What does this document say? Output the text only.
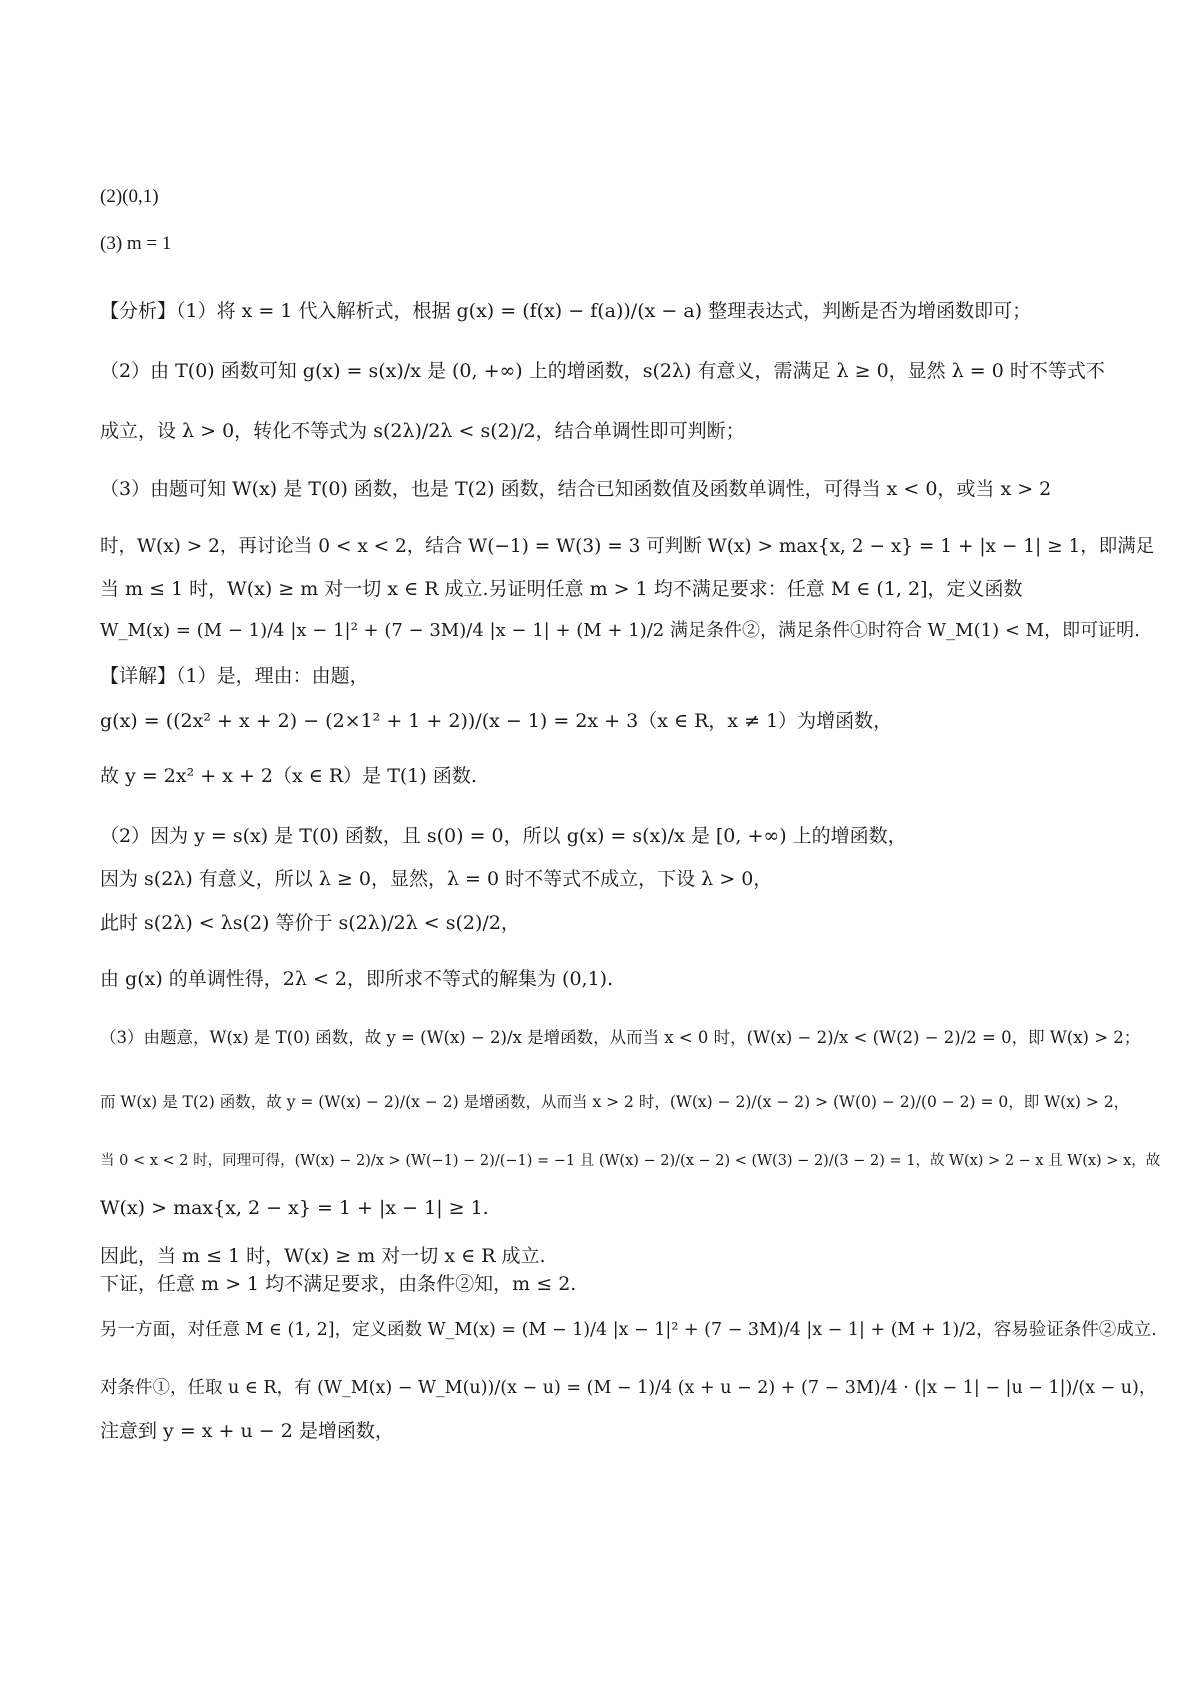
(2)(0,1)
(3) m = 1
【分析】（1）将 x = 1 代入解析式，根据 g(x) = (f(x) − f(a))/(x − a) 整理表达式，判断是否为增函数即可；
（2）由 T(0) 函数可知 g(x) = s(x)/x 是 (0, +∞) 上的增函数，s(2λ) 有意义，需满足 λ ≥ 0，显然 λ = 0 时不等式不
成立，设 λ > 0，转化不等式为 s(2λ)/2λ < s(2)/2，结合单调性即可判断；
（3）由题可知 W(x) 是 T(0) 函数，也是 T(2) 函数，结合已知函数值及函数单调性，可得当 x < 0，或当 x > 2
时，W(x) > 2，再讨论当 0 < x < 2，结合 W(−1) = W(3) = 3 可判断 W(x) > max{x, 2 − x} = 1 + |x − 1| ≥ 1，即满足
当 m ≤ 1 时，W(x) ≥ m 对一切 x ∈ R 成立.另证明任意 m > 1 均不满足要求：任意 M ∈ (1, 2]，定义函数
W_M(x) = (M − 1)/4 |x − 1|² + (7 − 3M)/4 |x − 1| + (M + 1)/2 满足条件②，满足条件①时符合 W_M(1) < M，即可证明.
【详解】（1）是，理由：由题，
g(x) = ((2x² + x + 2) − (2×1² + 1 + 2))/(x − 1) = 2x + 3（x ∈ R，x ≠ 1）为增函数，
故 y = 2x² + x + 2（x ∈ R）是 T(1) 函数.
（2）因为 y = s(x) 是 T(0) 函数，且 s(0) = 0，所以 g(x) = s(x)/x 是 [0, +∞) 上的增函数，
因为 s(2λ) 有意义，所以 λ ≥ 0，显然，λ = 0 时不等式不成立，下设 λ > 0，
此时 s(2λ) < λs(2) 等价于 s(2λ)/2λ < s(2)/2，
由 g(x) 的单调性得，2λ < 2，即所求不等式的解集为 (0,1).
（3）由题意，W(x) 是 T(0) 函数，故 y = (W(x) − 2)/x 是增函数，从而当 x < 0 时，(W(x) − 2)/x < (W(2) − 2)/2 = 0，即 W(x) > 2；
而 W(x) 是 T(2) 函数，故 y = (W(x) − 2)/(x − 2) 是增函数，从而当 x > 2 时，(W(x) − 2)/(x − 2) > (W(0) − 2)/(0 − 2) = 0，即 W(x) > 2，
当 0 < x < 2 时，同理可得，(W(x) − 2)/x > (W(−1) − 2)/(−1) = −1 且 (W(x) − 2)/(x − 2) < (W(3) − 2)/(3 − 2) = 1，故 W(x) > 2 − x 且 W(x) > x，故
W(x) > max{x, 2 − x} = 1 + |x − 1| ≥ 1.
因此，当 m ≤ 1 时，W(x) ≥ m 对一切 x ∈ R 成立.
下证，任意 m > 1 均不满足要求，由条件②知，m ≤ 2.
另一方面，对任意 M ∈ (1, 2]，定义函数 W_M(x) = (M − 1)/4 |x − 1|² + (7 − 3M)/4 |x − 1| + (M + 1)/2，容易验证条件②成立.
对条件①，任取 u ∈ R，有 (W_M(x) − W_M(u))/(x − u) = (M − 1)/4 (x + u − 2) + (7 − 3M)/4 · (|x − 1| − |u − 1|)/(x − u)，
注意到 y = x + u − 2 是增函数，
